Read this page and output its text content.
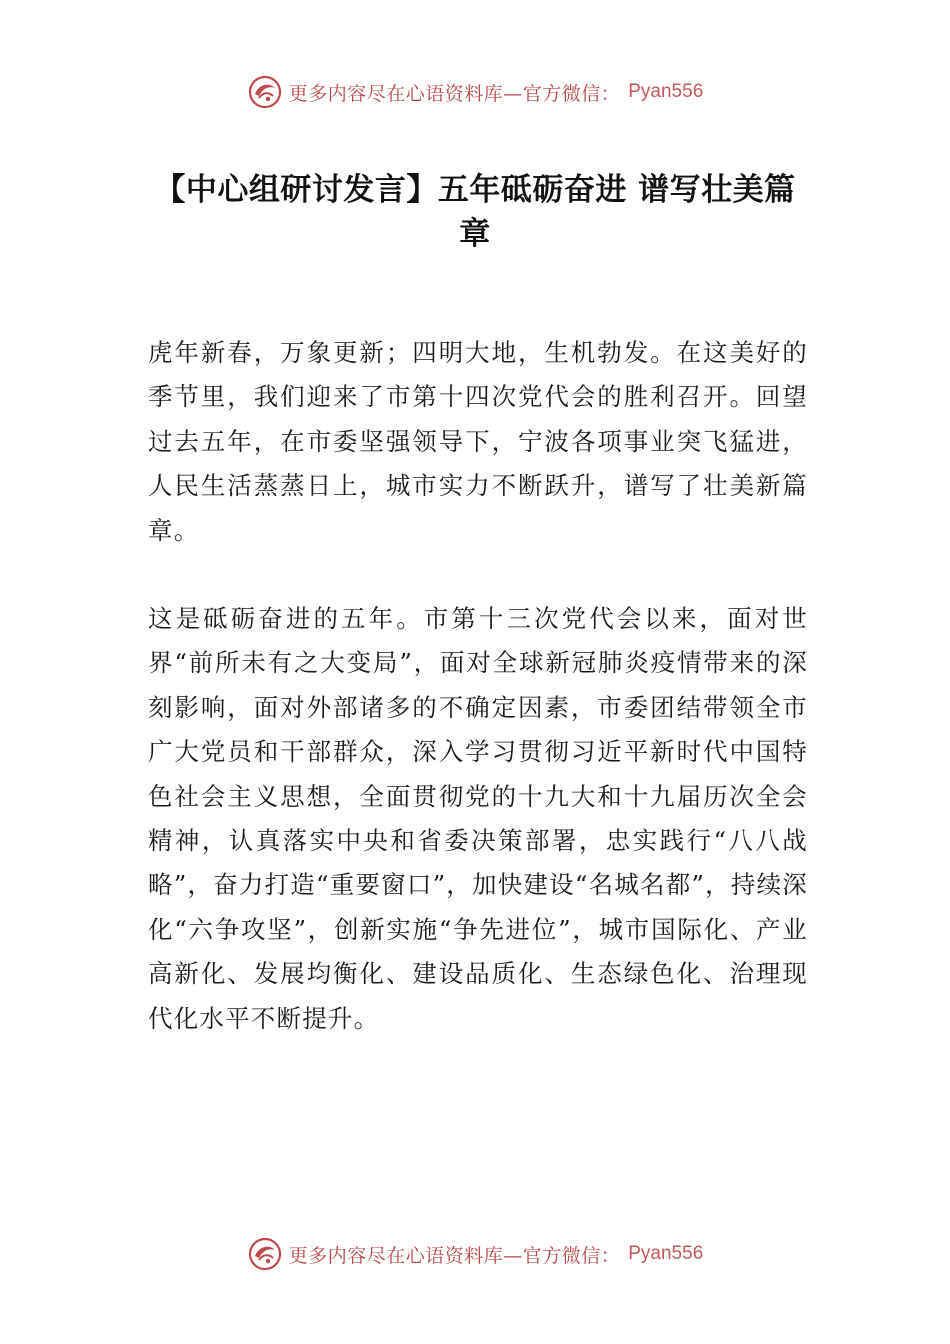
更多内容尽在心语资料库—官方微信： Pyan556
【中心组研讨发言】五年砥砺奋进 谱写壮美篇章

虎年新春，万象更新；四明大地，生机勃发。在这美好的季节里，我们迎来了市第十四次党代会的胜利召开。回望过去五年，在市委坚强领导下，宁波各项事业突飞猛进，人民生活蒸蒸日上，城市实力不断跃升，谱写了壮美新篇章。

这是砥砺奋进的五年。市第十三次党代会以来，面对世界“前所未有之大变局”，面对全球新冠肺炎疫情带来的深刻影响，面对外部诸多的不确定因素，市委团结带领全市广大党员和干部群众，深入学习贯彻习近平新时代中国特色社会主义思想，全面贯彻党的十九大和十九届历次全会精神，认真落实中央和省委决策部署，忠实践行“八八战略”，奋力打造“重要窗口”，加快建设“名城名都”，持续深化“六争攻坚”，创新实施“争先进位”，城市国际化、产业高新化、发展均衡化、建设品质化、生态绿色化、治理现代化水平不断提升。

更多内容尽在心语资料库—官方微信： Pyan556
